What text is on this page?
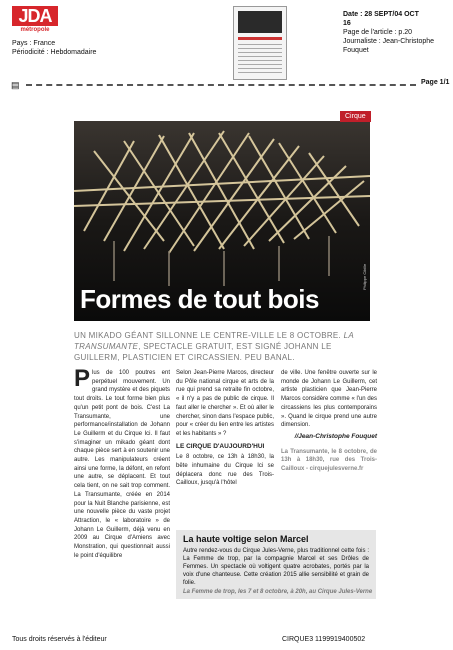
JDA
métropole
Pays : France
Périodicité : Hebdomadaire
Date : 28 SEPT/04 OCT
16
Page de l'article : p.20
Journaliste : Jean-Christophe Fouquet
▤	Page 1/1
Cirque
Formes de tout bois
Philippe Cibille
UN MIKADO GÉANT SILLONNE LE CENTRE-VILLE LE 8 OCTOBRE. LA TRANSUMANTE, SPECTACLE GRATUIT, EST SIGNÉ JOHANN LE GUILLERM, PLASTICIEN ET CIRCASSIEN. PEU BANAL.
Plus de 100 poutres ent perpétuel mouvement. Un grand mystère et des piquets tout droits. Le tout forme bien plus qu'un petit pont de bois. C'est La Transumante, une performance/installation de Johann Le Guillerm et du Cirque Ici. Il faut s'imaginer un mikado géant dont chaque pièce sert à en soutenir une autre. Les manipulateurs créent ainsi une forme, la défont, en refont une autre, se déplacent. Et tout cela tient, on ne sait trop comment. La Transumante, créée en 2014 pour la Nuit Blanche parisienne, est une nouvelle pièce du vaste projet Attraction, le « laboratoire » de Johann Le Guillerm, déjà venu en 2009 au Cirque d'Amiens avec Monstration, qui questionnait aussi le point d'équilibre
Selon Jean-Pierre Marcos, directeur du Pôle national cirque et arts de la rue qui prend sa retraite fin octobre, « il n'y a pas de public de cirque. Il faut aller le chercher ». Et où aller le chercher, sinon dans l'espace public, pour « créer du lien entre les artistes et les habitants » ?
LE CIRQUE D'AUJOURD'HUI
Le 8 octobre, ce 13h à 18h30, la bête inhumaine du Cirque Ici se déplacera donc rue des Trois-Cailloux, jusqu'à l'hôtel
de ville. Une fenêtre ouverte sur le monde de Johann Le Guillerm, cet artiste plasticien que Jean-Pierre Marcos considère comme « l'un des circassiens les plus contemporains ». Quand le cirque prend une autre dimension.
//Jean-Christophe Fouquet
La Transumante, le 8 octobre, de 13h à 18h30, rue des Trois-Cailloux - cirquejulesverne.fr
La haute voltige selon Marcel
Autre rendez-vous du Cirque Jules-Verne, plus traditionnel cette fois : La Femme de trop, par la compagnie Marcel et ses Drôles de Femmes. Un spectacle où voltigent quatre acrobates, portés par la voix d'une chanteuse. Cette création 2015 allie sensibilité et grain de folie.
La Femme de trop, les 7 et 8 octobre, à 20h, au Cirque Jules-Verne
Tous droits réservés à l'éditeur	CIRQUE3 1199919400502
